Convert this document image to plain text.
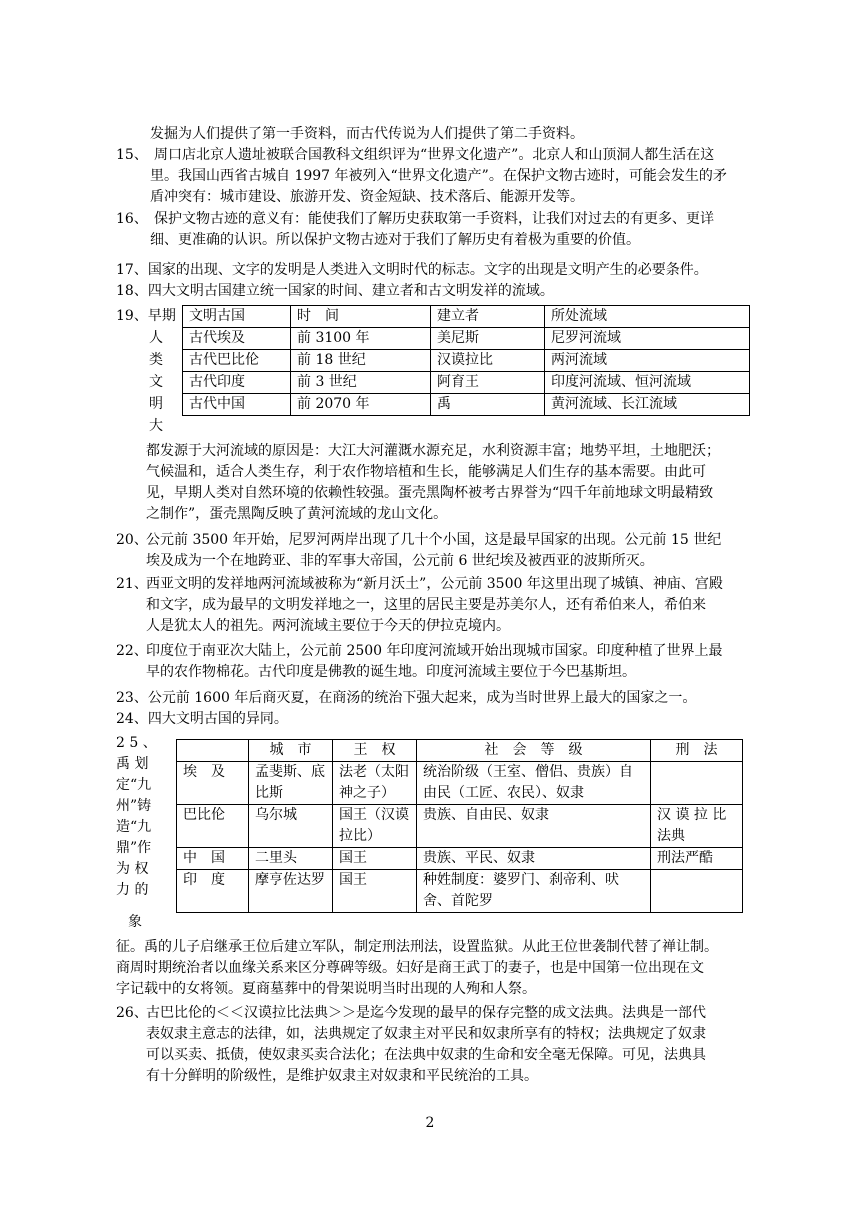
发掘为人们提供了第一手资料，而古代传说为人们提供了第二手资料。
15、 周口店北京人遗址被联合国教科文组织评为“世界文化遗产”。北京人和山顶洞人都生活在这
里。我国山西省古城自 1997 年被列入“世界文化遗产”。在保护文物古迹时，可能会发生的矛
盾冲突有：城市建设、旅游开发、资金短缺、技术落后、能源开发等。
16、 保护文物古迹的意义有：能使我们了解历史获取第一手资料，让我们对过去的有更多、更详
细、更准确的认识。所以保护文物古迹对于我们了解历史有着极为重要的价值。
17、国家的出现、文字的发明是人类进入文明时代的标志。文字的出现是文明产生的必要条件。
18、四大文明古国建立统一国家的时间、建立者和古文明发祥的流域。
19、早期
人
类
文
明
大
文明古国	时　间	建立者	所处流域
古代埃及	前 3100 年	美尼斯	尼罗河流域
古代巴比伦	前 18 世纪	汉谟拉比	两河流域
古代印度	前 3 世纪	阿育王	印度河流域、恒河流域
古代中国	前 2070 年	禹	黄河流域、长江流域
都发源于大河流域的原因是：大江大河灌溉水源充足，水利资源丰富；地势平坦，土地肥沃；
气候温和，适合人类生存，利于农作物培植和生长，能够满足人们生存的基本需要。由此可
见，早期人类对自然环境的依赖性较强。蛋壳黑陶杯被考古界誉为“四千年前地球文明最精致
之制作”，蛋壳黑陶反映了黄河流域的龙山文化。
20、
公元前 3500 年开始，尼罗河两岸出现了几十个小国，这是最早国家的出现。公元前 15 世纪
埃及成为一个在地跨亚、非的军事大帝国，公元前 6 世纪埃及被西亚的波斯所灭。
21、
西亚文明的发祥地两河流域被称为“新月沃土”，公元前 3500 年这里出现了城镇、神庙、宫殿
和文字，成为最早的文明发祥地之一，这里的居民主要是苏美尔人，还有希伯来人，希伯来
人是犹太人的祖先。两河流域主要位于今天的伊拉克境内。
22、
印度位于南亚次大陆上，公元前 2500 年印度河流域开始出现城市国家。印度种植了世界上最
早的农作物棉花。古代印度是佛教的诞生地。印度河流域主要位于今巴基斯坦。
23、公元前 1600 年后商灭夏，在商汤的统治下强大起来，成为当时世界上最大的国家之一。
24、四大文明古国的异同。
2 5 、
禹 划
定“九
州”铸
造“九
鼎”作
为 权
力 的
象
	城　市	王　权	社　会　等　级	刑　法
埃　及	孟斐斯、底比斯	法老（太阳神之子）	统治阶级（王室、僧侣、贵族）自由民（工匠、农民）、奴隶	
巴比伦	乌尔城	国王（汉谟拉比）	贵族、自由民、奴隶	汉 谟 拉 比法典
中　国	二里头	国王	贵族、平民、奴隶	刑法严酷
印　度	摩亨佐达罗	国王	种姓制度：婆罗门、刹帝利、吠舍、首陀罗	
征。禹的儿子启继承王位后建立军队，制定刑法刑法，设置监狱。从此王位世袭制代替了禅让制。
商周时期统治者以血缘关系来区分尊碑等级。妇好是商王武丁的妻子，也是中国第一位出现在文
字记载中的女将领。夏商墓葬中的骨架说明当时出现的人殉和人祭。
26、
古巴比伦的＜＜汉谟拉比法典＞＞是迄今发现的最早的保存完整的成文法典。法典是一部代
表奴隶主意志的法律，如，法典规定了奴隶主对平民和奴隶所享有的特权；法典规定了奴隶
可以买卖、抵债，使奴隶买卖合法化；在法典中奴隶的生命和安全毫无保障。可见，法典具
有十分鲜明的阶级性，是维护奴隶主对奴隶和平民统治的工具。
2
